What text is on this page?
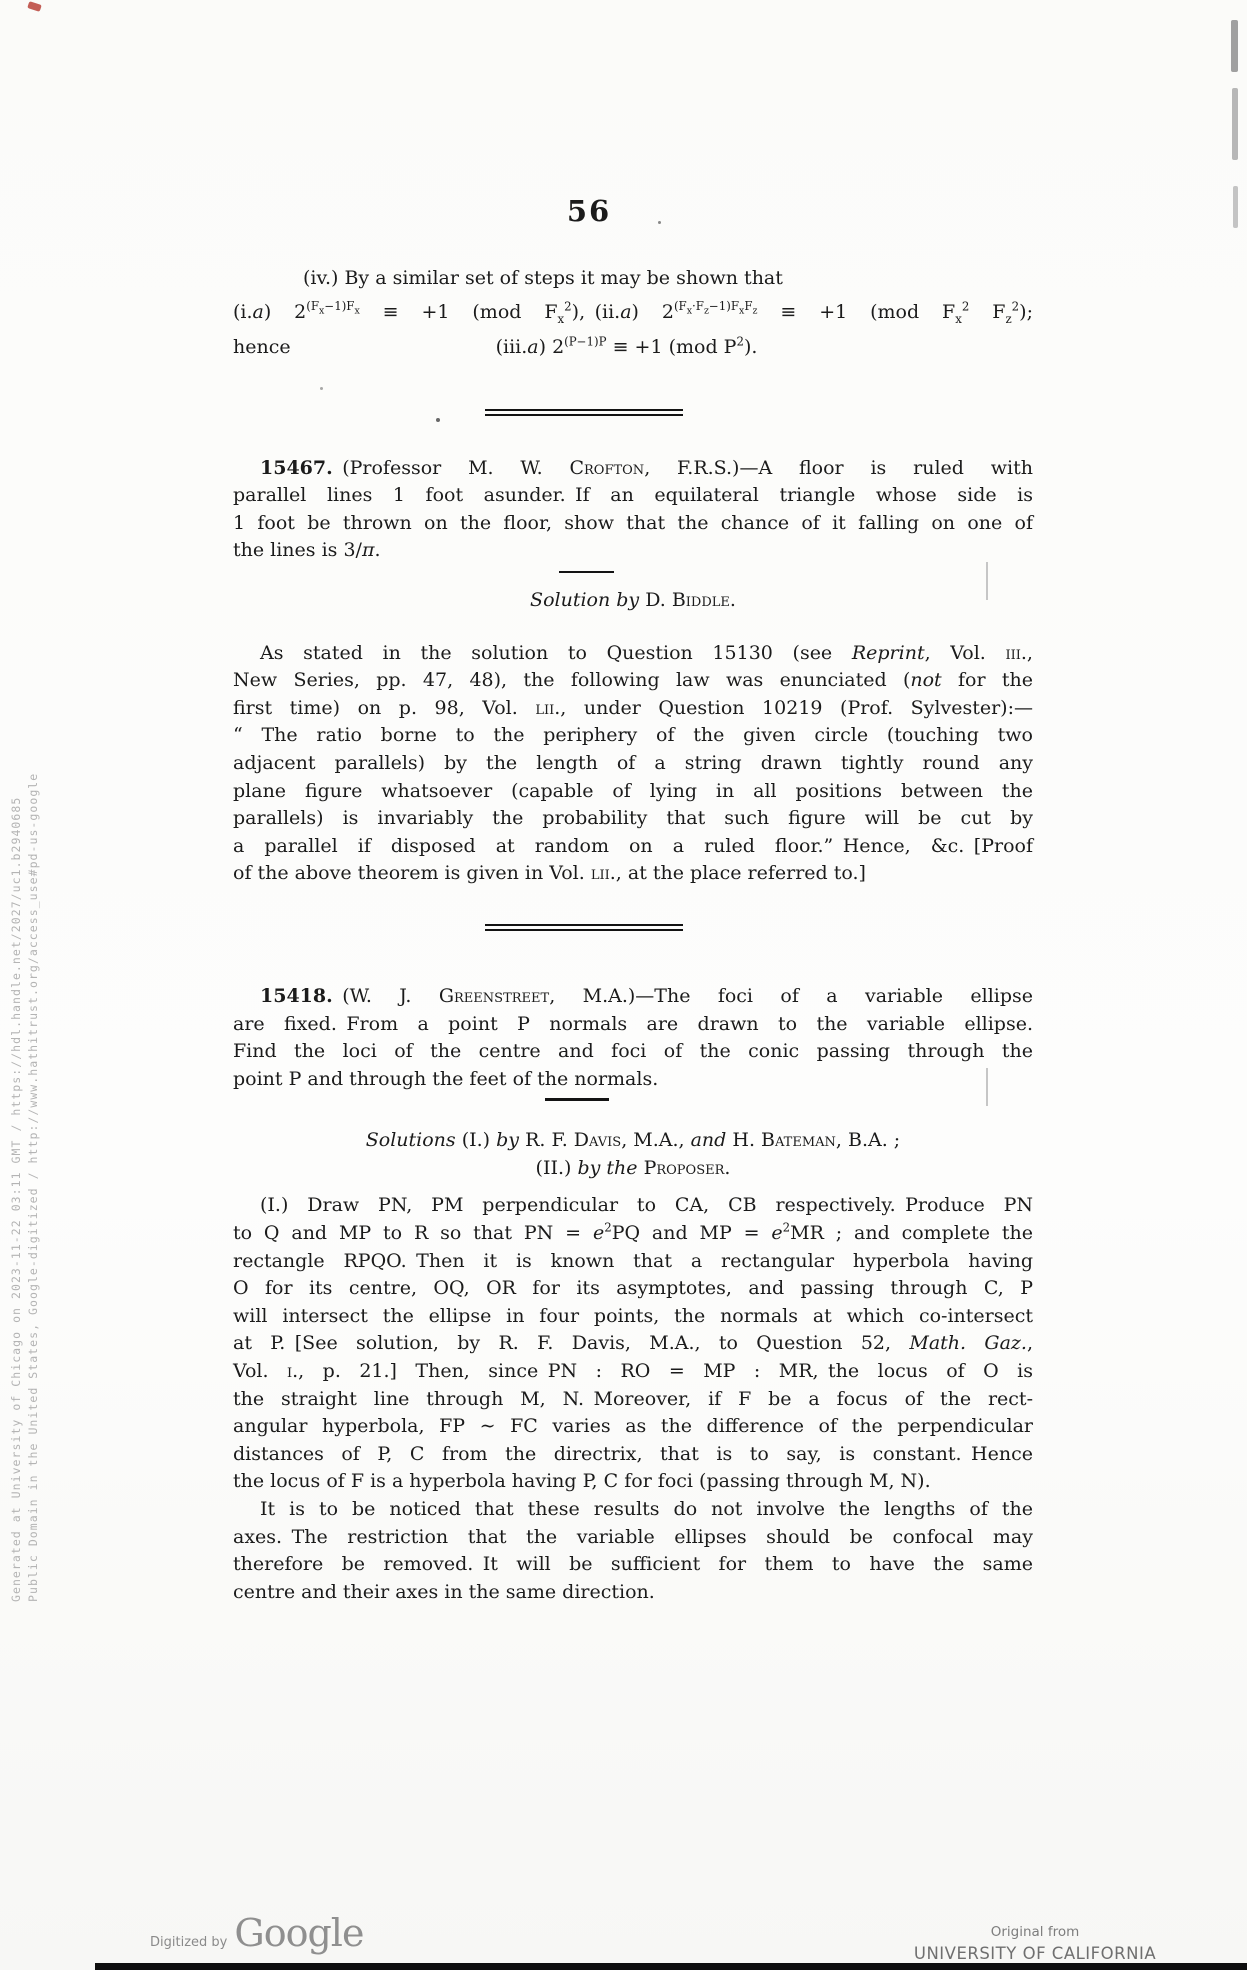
Generated at University of Chicago on 2023-11-22 03:11 GMT / https://hdl.handle.net/2027/uc1.b2940685 Public Domain in the United States, Google-digitized / http://www.hathitrust.org/access_use#pd-us-google
56
(iv.) By a similar set of steps it may be shown that
(i.a) $2^{(F_x-1)F_x} \equiv +1$ (mod $F_x^2$), (ii.a) $2^{(F_x\cdot F_z-1)F_xF_z} \equiv +1$ (mod $F_x^2$ $F_z^2$);
hence	(iii.a) $2^{(P-1)P} \equiv +1$ (mod $P^2$).
15467. (Professor M. W. Crofton, F.R.S.)—A floor is ruled with
parallel lines 1 foot asunder. If an equilateral triangle whose side is
1 foot be thrown on the floor, show that the chance of it falling on one of
the lines is 3/π.
Solution by D. Biddle.
As stated in the solution to Question 15130 (see Reprint, Vol. iii.,
New Series, pp. 47, 48), the following law was enunciated (not for the
first time) on p. 98, Vol. lii., under Question 10219 (Prof. Sylvester):—
“ The ratio borne to the periphery of the given circle (touching two
adjacent parallels) by the length of a string drawn tightly round any
plane figure whatsoever (capable of lying in all positions between the
parallels) is invariably the probability that such figure will be cut by
a parallel if disposed at random on a ruled floor.” Hence, &c. [Proof
of the above theorem is given in Vol. lii., at the place referred to.]
15418. (W. J. Greenstreet, M.A.)—The foci of a variable ellipse
are fixed. From a point P normals are drawn to the variable ellipse.
Find the loci of the centre and foci of the conic passing through the
point P and through the feet of the normals.
Solutions (I.) by R. F. Davis, M.A., and H. Bateman, B.A. ;
(II.) by the Proposer.
(I.) Draw PN, PM perpendicular to CA, CB respectively. Produce PN
to Q and MP to R so that PN = $e^2PQ$ and MP = $e^2MR$ ; and complete the
rectangle RPQO. Then it is known that a rectangular hyperbola having
O for its centre, OQ, OR for its asymptotes, and passing through C, P
will intersect the ellipse in four points, the normals at which co-intersect
at P. [See solution, by R. F. Davis, M.A., to Question 52, Math. Gaz.,
Vol. i., p. 21.] Then, since PN : RO = MP : MR, the locus of O is
the straight line through M, N. Moreover, if F be a focus of the rect-
angular hyperbola, FP ∼ FC varies as the difference of the perpendicular
distances of P, C from the directrix, that is to say, is constant. Hence
the locus of F is a hyperbola having P, C for foci (passing through M, N).
It is to be noticed that these results do not involve the lengths of the
axes. The restriction that the variable ellipses should be confocal may
therefore be removed. It will be sufficient for them to have the same
centre and their axes in the same direction.
Digitized by Google	Original from
UNIVERSITY OF CALIFORNIA
